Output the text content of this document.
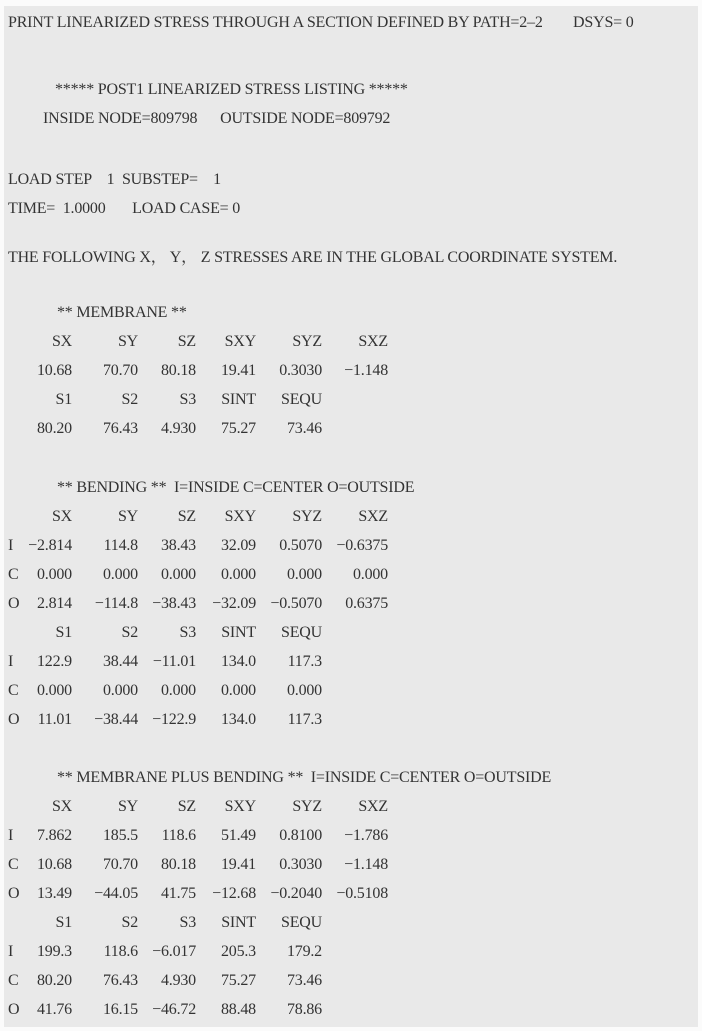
PRINT LINEARIZED STRESS THROUGH A SECTION DEFINED BY PATH=2–2        DSYS= 0
***** POST1 LINEARIZED STRESS LISTING *****
INSIDE NODE=809798      OUTSIDE NODE=809792
LOAD STEP    1  SUBSTEP=    1
TIME=  1.0000       LOAD CASE= 0
THE FOLLOWING X， Y， Z STRESSES ARE IN THE GLOBAL COORDINATE SYSTEM.
** MEMBRANE **
SX	SY	SZ	SXY	SYZ	SXZ
10.68	70.70	80.18	19.41	0.3030	−1.148
S1	S2	S3	SINT	SEQU
80.20	76.43	4.930	75.27	73.46
** BENDING **  I=INSIDE C=CENTER O=OUTSIDE
SX	SY	SZ	SXY	SYZ	SXZ
I −2.814	114.8	38.43	32.09	0.5070 −0.6375
C	0.000	0.000	0.000	0.000	0.000	0.000
O	2.814	−114.8 −38.43	−32.09 −0.5070	0.6375
S1	S2	S3	SINT	SEQU
I	122.9	38.44 −11.01	134.0	117.3
C	0.000	0.000	0.000	0.000	0.000
O	11.01	−38.44 −122.9	134.0	117.3
** MEMBRANE PLUS BENDING **  I=INSIDE C=CENTER O=OUTSIDE
SX	SY	SZ	SXY	SYZ	SXZ
I	7.862	185.5	118.6	51.49	0.8100	−1.786
C	10.68	70.70	80.18	19.41	0.3030	−1.148
O	13.49	−44.05	41.75	−12.68 −0.2040 −0.5108
S1	S2	S3	SINT	SEQU
I	199.3	118.6 −6.017	205.3	179.2
C	80.20	76.43	4.930	75.27	73.46
O	41.76	16.15 −46.72	88.48	78.86
